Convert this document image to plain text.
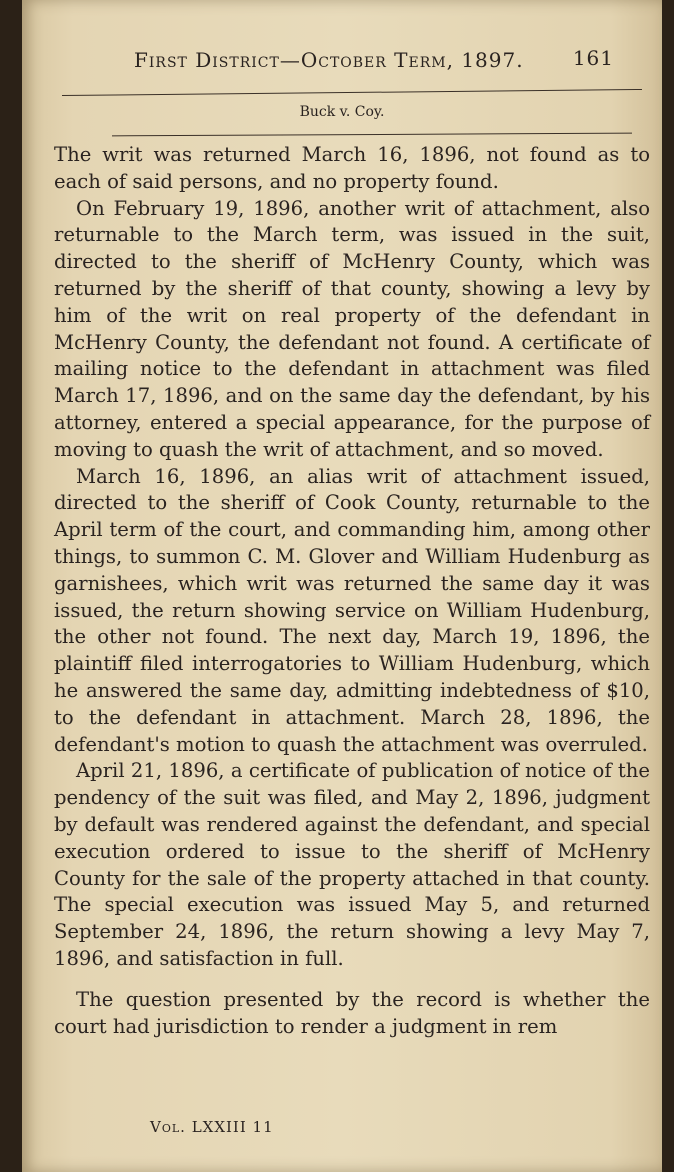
First District—October Term, 1897. 161
Buck v. Coy.

The writ was returned March 16, 1896, not found as to each of said persons, and no property found.

On February 19, 1896, another writ of attachment, also returnable to the March term, was issued in the suit, directed to the sheriff of McHenry County, which was returned by the sheriff of that county, showing a levy by him of the writ on real property of the defendant in McHenry County, the defendant not found. A certificate of mailing notice to the defendant in attachment was filed March 17, 1896, and on the same day the defendant, by his attorney, entered a special appearance, for the purpose of moving to quash the writ of attachment, and so moved.

March 16, 1896, an alias writ of attachment issued, directed to the sheriff of Cook County, returnable to the April term of the court, and commanding him, among other things, to summon C. M. Glover and William Hudenburg as garnishees, which writ was returned the same day it was issued, the return showing service on William Hudenburg, the other not found. The next day, March 19, 1896, the plaintiff filed interrogatories to William Hudenburg, which he answered the same day, admitting indebtedness of $10, to the defendant in attachment. March 28, 1896, the defendant's motion to quash the attachment was overruled.

April 21, 1896, a certificate of publication of notice of the pendency of the suit was filed, and May 2, 1896, judgment by default was rendered against the defendant, and special execution ordered to issue to the sheriff of McHenry County for the sale of the property attached in that county. The special execution was issued May 5, and returned September 24, 1896, the return showing a levy May 7, 1896, and satisfaction in full.

The question presented by the record is whether the court had jurisdiction to render a judgment in rem

Vol. LXXIII 11
